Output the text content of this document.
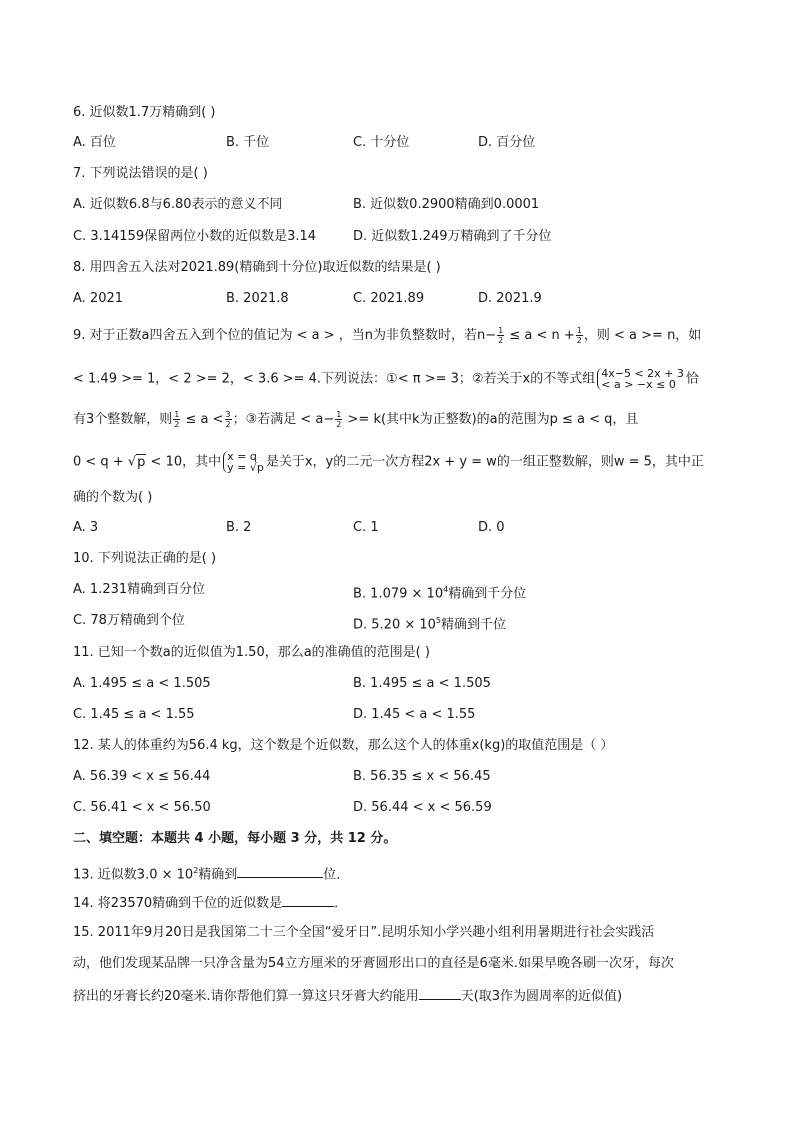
6. 近似数1.7万精确到( )
A. 百位	B. 千位	C. 十分位	D. 百分位
7. 下列说法错误的是( )
A. 近似数6.8与6.80表示的意义不同	B. 近似数0.2900精确到0.0001
C. 3.14159保留两位小数的近似数是3.14	D. 近似数1.249万精确到了千分位
8. 用四舍五入法对2021.89(精确到十分位)取近似数的结果是( )
A. 2021	B. 2021.8	C. 2021.89	D. 2021.9
9. 对于正数a四舍五入到个位的值记为 < a > ，当n为非负整数时，若$n- \frac{1}{2} \le a < n + \frac{1}{2}$ ，则 < a >= n，如
< 1.49 >= 1，< 2 >= 2，< 3.6 >= 4.下列说法：①< π >= 3；②若关于x的不等式组 4x−5 < 2x + 3
< a > −x ≤ 0 恰
有3个整数解，则 $\frac{1}{2} \le a < \frac{3}{2}$ ；③若满足 < $a- \frac{1}{2} >= k$(其中k为正整数)的a的范围为p ≤ a < q，且
0 < q + √p < 10，其中 x = q
y = √p 是关于x，y的二元一次方程2x + y = w的一组正整数解，则w = 5，其中正
确的个数为( )
A. 3	B. 2	C. 1	D. 0
10. 下列说法正确的是( )
A. 1.231精确到百分位	B. $1.079 \times 10^4$精确到千分位
C. 78万精确到个位	D. $5.20 \times 10^5$精确到千位
11. 已知一个数a的近似值为1.50，那么a的准确值的范围是( )
A. 1.495 ≤ a < 1.505	B. 1.495 ≤ a < 1.505
C. 1.45 ≤ a < 1.55	D. 1.45 < a < 1.55
12. 某人的体重约为56.4 kg，这个数是个近似数，那么这个人的体重x(kg)的取值范围是（ ）
A. 56.39 < x ≤ 56.44	B. 56.35 ≤ x < 56.45
C. 56.41 < x < 56.50	D. 56.44 < x < 56.59
二、填空题：本题共 4 小题，每小题 3 分，共 12 分。
13. 近似数$3.0 \times 10^2$精确到	位．
14. 将23570精确到千位的近似数是	．
15. 2011年9月20日是我国第二十三个全国“爱牙日”.昆明乐知小学兴趣小组利用暑期进行社会实践活
动，他们发现某品牌一只净含量为54立方厘米的牙膏圆形出口的直径是6毫米.如果早晚各刷一次牙，每次
挤出的牙膏长约20毫米.请你帮他们算一算这只牙膏大约能用	天(取3作为圆周率的近似值)
